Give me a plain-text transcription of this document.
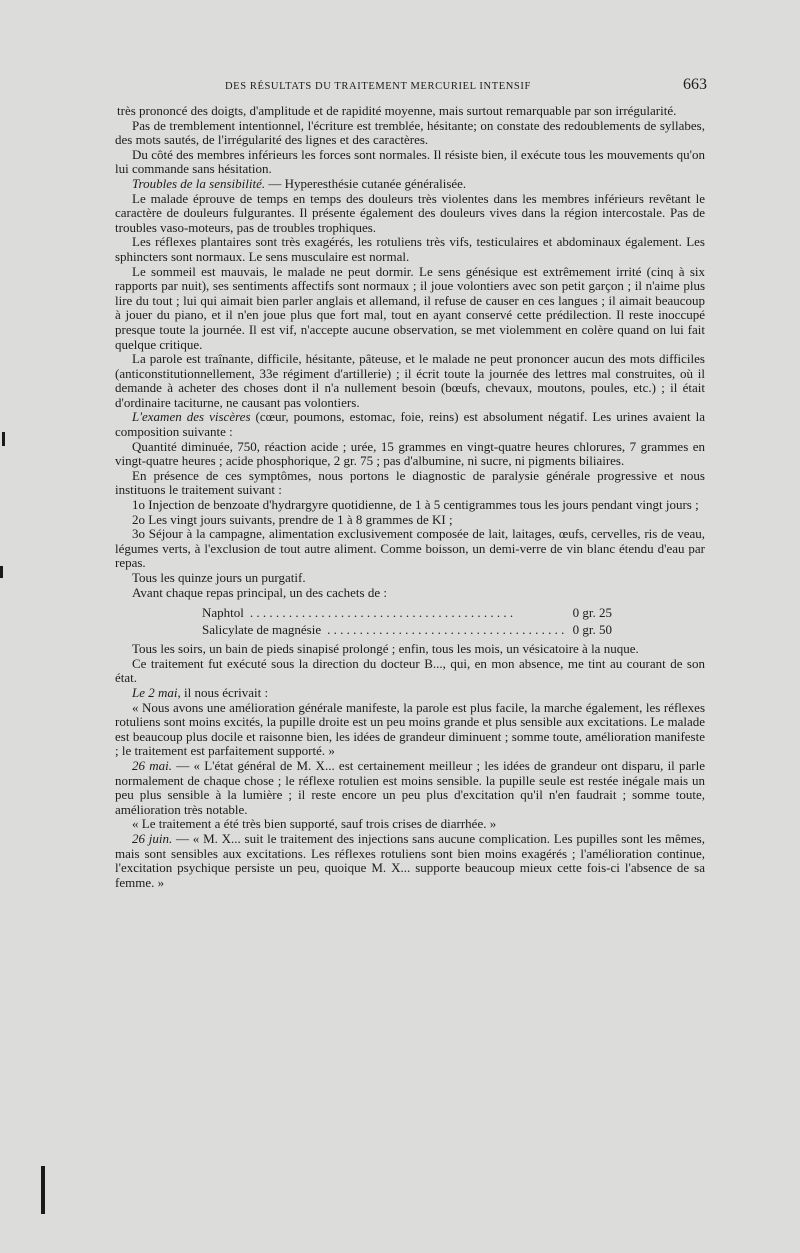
DES RÉSULTATS DU TRAITEMENT MERCURIEL INTENSIF	663

très prononcé des doigts, d'amplitude et de rapidité moyenne, mais surtout remarquable par son irrégularité.

Pas de tremblement intentionnel, l'écriture est tremblée, hésitante; on constate des redoublements de syllabes, des mots sautés, de l'irrégularité des lignes et des caractères.

Du côté des membres inférieurs les forces sont normales. Il résiste bien, il exécute tous les mouvements qu'on lui commande sans hésitation.

Troubles de la sensibilité. — Hyperesthésie cutanée généralisée.

Le malade éprouve de temps en temps des douleurs très violentes dans les membres inférieurs revêtant le caractère de douleurs fulgurantes. Il présente également des douleurs vives dans la région intercostale. Pas de troubles vaso-moteurs, pas de troubles trophiques.

Les réflexes plantaires sont très exagérés, les rotuliens très vifs, testiculaires et abdominaux également. Les sphincters sont normaux. Le sens musculaire est normal.

Le sommeil est mauvais, le malade ne peut dormir. Le sens génésique est extrêmement irrité (cinq à six rapports par nuit), ses sentiments affectifs sont normaux ; il joue volontiers avec son petit garçon ; il n'aime plus lire du tout ; lui qui aimait bien parler anglais et allemand, il refuse de causer en ces langues ; il aimait beaucoup à jouer du piano, et il n'en joue plus que fort mal, tout en ayant conservé cette prédilection. Il reste inoccupé presque toute la journée. Il est vif, n'accepte aucune observation, se met violemment en colère quand on lui fait quelque critique.

La parole est traînante, difficile, hésitante, pâteuse, et le malade ne peut prononcer aucun des mots difficiles (anticonstitutionnellement, 33e régiment d'artillerie) ; il écrit toute la journée des lettres mal construites, où il demande à acheter des choses dont il n'a nullement besoin (bœufs, chevaux, moutons, poules, etc.) ; il était d'ordinaire taciturne, ne causant pas volontiers.

L'examen des viscères (cœur, poumons, estomac, foie, reins) est absolument négatif. Les urines avaient la composition suivante :

Quantité diminuée, 750, réaction acide ; urée, 15 grammes en vingt-quatre heures chlorures, 7 grammes en vingt-quatre heures ; acide phosphorique, 2 gr. 75 ; pas d'albumine, ni sucre, ni pigments biliaires.

En présence de ces symptômes, nous portons le diagnostic de paralysie générale progressive et nous instituons le traitement suivant :

1o Injection de benzoate d'hydrargyre quotidienne, de 1 à 5 centigrammes tous les jours pendant vingt jours ;

2o Les vingt jours suivants, prendre de 1 à 8 grammes de KI ;

3o Séjour à la campagne, alimentation exclusivement composée de lait, laitages, œufs, cervelles, ris de veau, légumes verts, à l'exclusion de tout autre aliment. Comme boisson, un demi-verre de vin blanc étendu d'eau par repas.

Tous les quinze jours un purgatif.

Avant chaque repas principal, un des cachets de :

Naphtol . . .	0 gr. 25
Salicylate de magnésie . . .	0 gr. 50

Tous les soirs, un bain de pieds sinapisé prolongé ; enfin, tous les mois, un vésicatoire à la nuque.

Ce traitement fut exécuté sous la direction du docteur B..., qui, en mon absence, me tint au courant de son état.

Le 2 mai, il nous écrivait :

« Nous avons une amélioration générale manifeste, la parole est plus facile, la marche également, les réflexes rotuliens sont moins excités, la pupille droite est un peu moins grande et plus sensible aux excitations. Le malade est beaucoup plus docile et raisonne bien, les idées de grandeur diminuent ; somme toute, amélioration manifeste ; le traitement est parfaitement supporté. »

26 mai. — « L'état général de M. X... est certainement meilleur ; les idées de grandeur ont disparu, il parle normalement de chaque chose ; le réflexe rotulien est moins sensible. la pupille seule est restée inégale mais un peu plus sensible à la lumière ; il reste encore un peu plus d'excitation qu'il n'en faudrait ; somme toute, amélioration très notable.

« Le traitement a été très bien supporté, sauf trois crises de diarrhée. »

26 juin. — « M. X... suit le traitement des injections sans aucune complication. Les pupilles sont les mêmes, mais sont sensibles aux excitations. Les réflexes rotuliens sont bien moins exagérés ; l'amélioration continue, l'excitation psychique persiste un peu, quoique M. X... supporte beaucoup mieux cette fois-ci l'absence de sa femme. »
